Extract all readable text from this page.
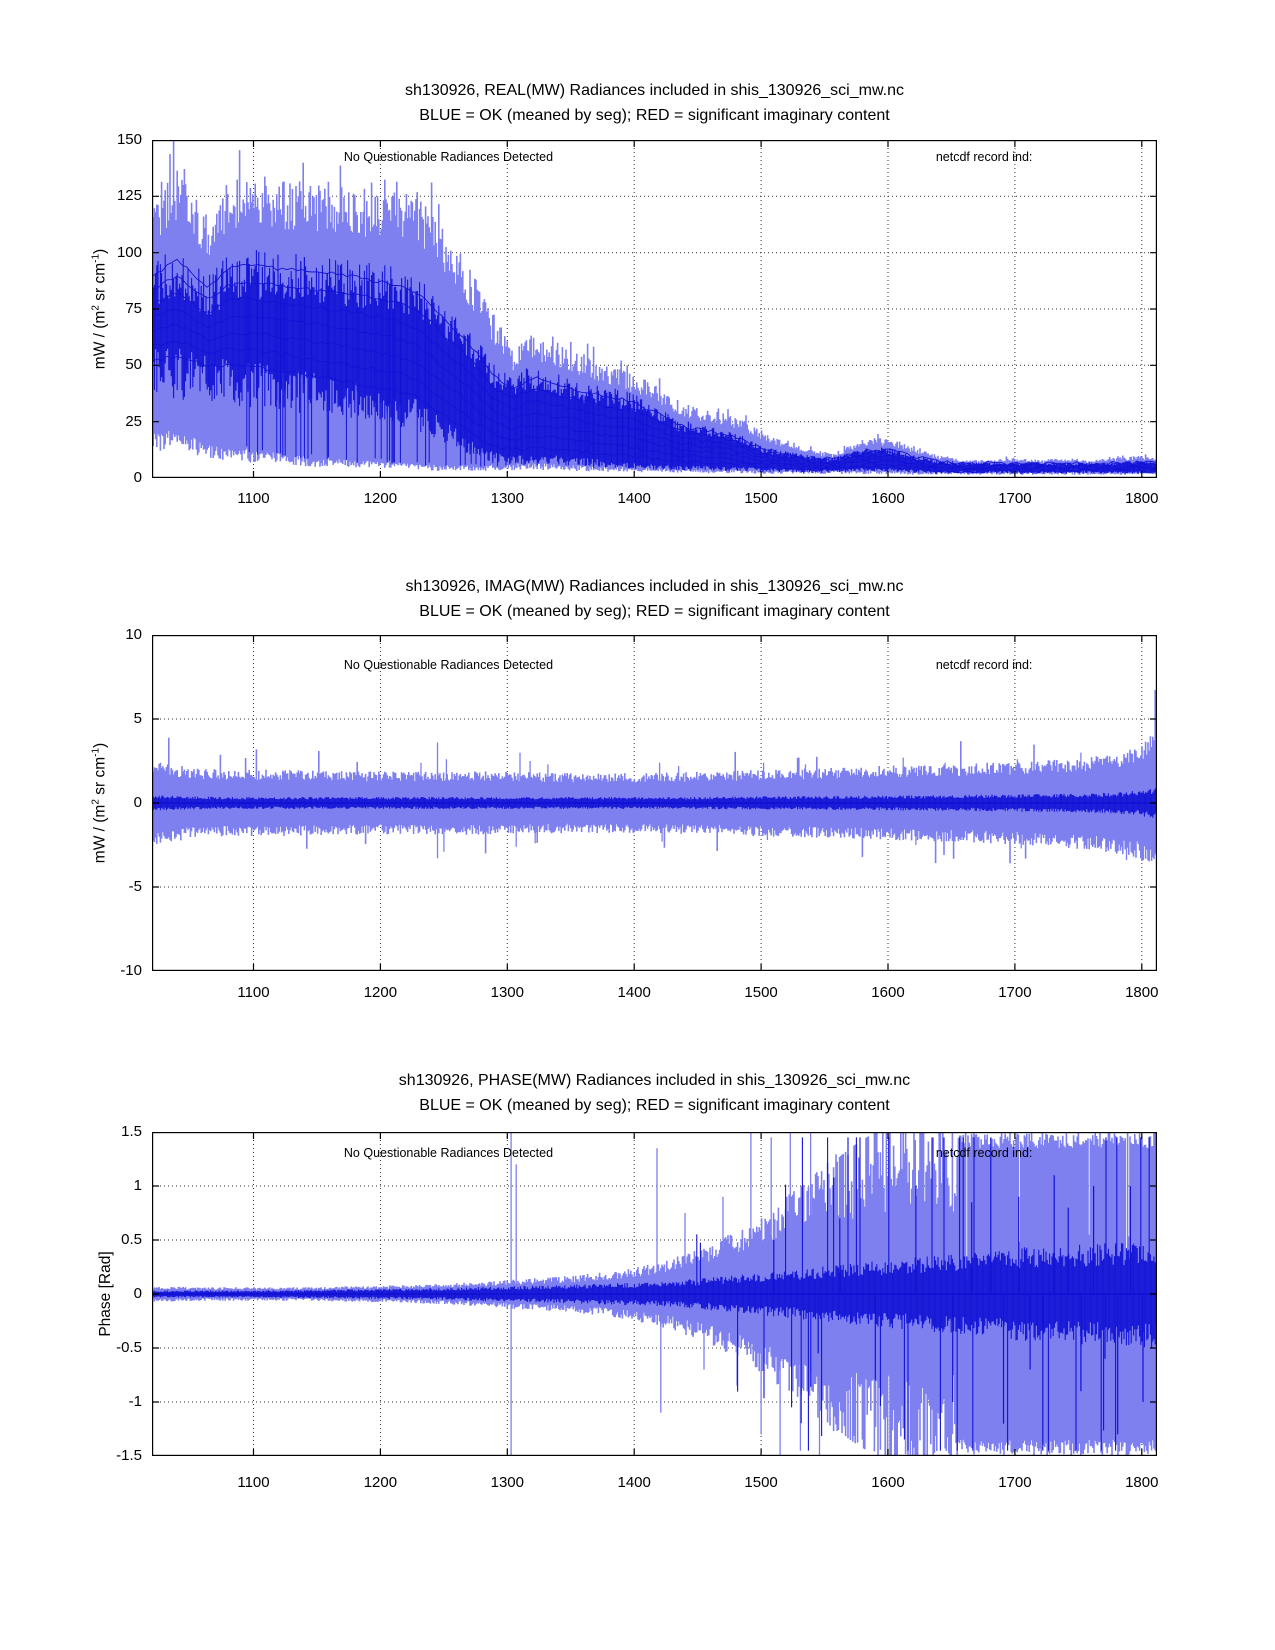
sh130926, REAL(MW) Radiances included in shis_130926_sci_mw.nc
BLUE = OK (meaned by seg); RED = significant imaginary content
No Questionable Radiances Detected	netcdf record ind:
mW / ($m^2$ sr $cm^{-1}$)
1100	1200	1300	1400	1500	1600	1700	1800
0
25
50
75
100
125
150
sh130926, IMAG(MW) Radiances included in shis_130926_sci_mw.nc
BLUE = OK (meaned by seg); RED = significant imaginary content
No Questionable Radiances Detected	netcdf record ind:
mW / ($m^2$ sr $cm^{-1}$)
1100	1200	1300	1400	1500	1600	1700	1800
-10
-5
0
5
10
sh130926, PHASE(MW) Radiances included in shis_130926_sci_mw.nc
BLUE = OK (meaned by seg); RED = significant imaginary content
No Questionable Radiances Detected	netcdf record ind:
Phase [Rad]
1100	1200	1300	1400	1500	1600	1700	1800
-1.5
-1
-0.5
0
0.5
1
1.5
